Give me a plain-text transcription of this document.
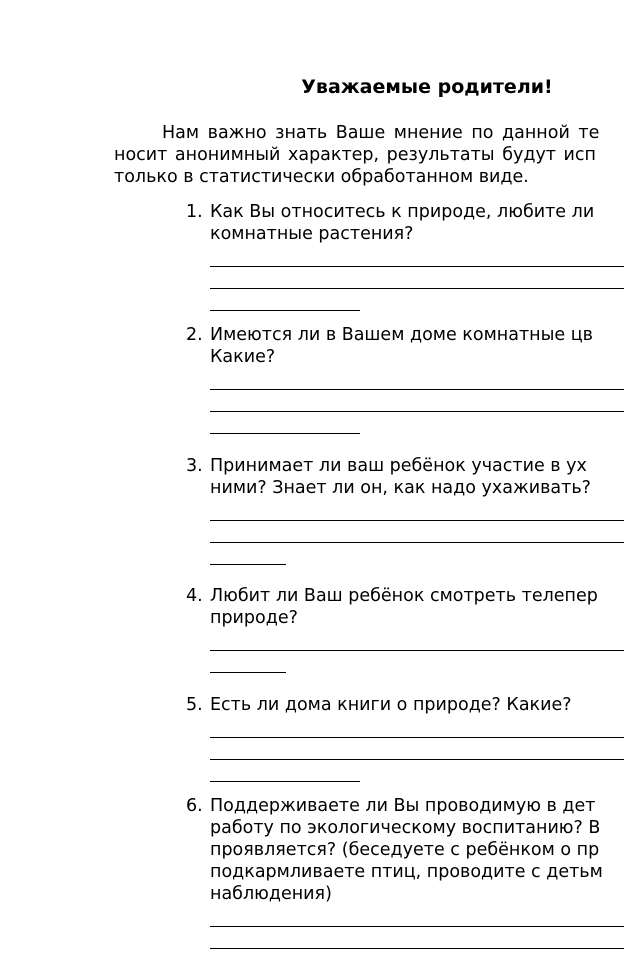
Уважаемые родители!
Нам важно знать Ваше мнение по данной те
носит анонимный характер, результаты будут исп
только в статистически обработанном виде.
1. Как Вы относитесь к природе, любите ли
комнатные растения?
2. Имеются ли в Вашем доме комнатные цв
Какие?
3. Принимает ли ваш ребёнок участие в ух
ними? Знает ли он, как надо ухаживать?
4. Любит ли Ваш ребёнок смотреть телепер
природе?
5. Есть ли дома книги о природе? Какие?
6. Поддерживаете ли Вы проводимую в дет
работу по экологическому воспитанию? В
проявляется? (беседуете с ребёнком о пр
подкармливаете птиц, проводите с детьм
наблюдения)
